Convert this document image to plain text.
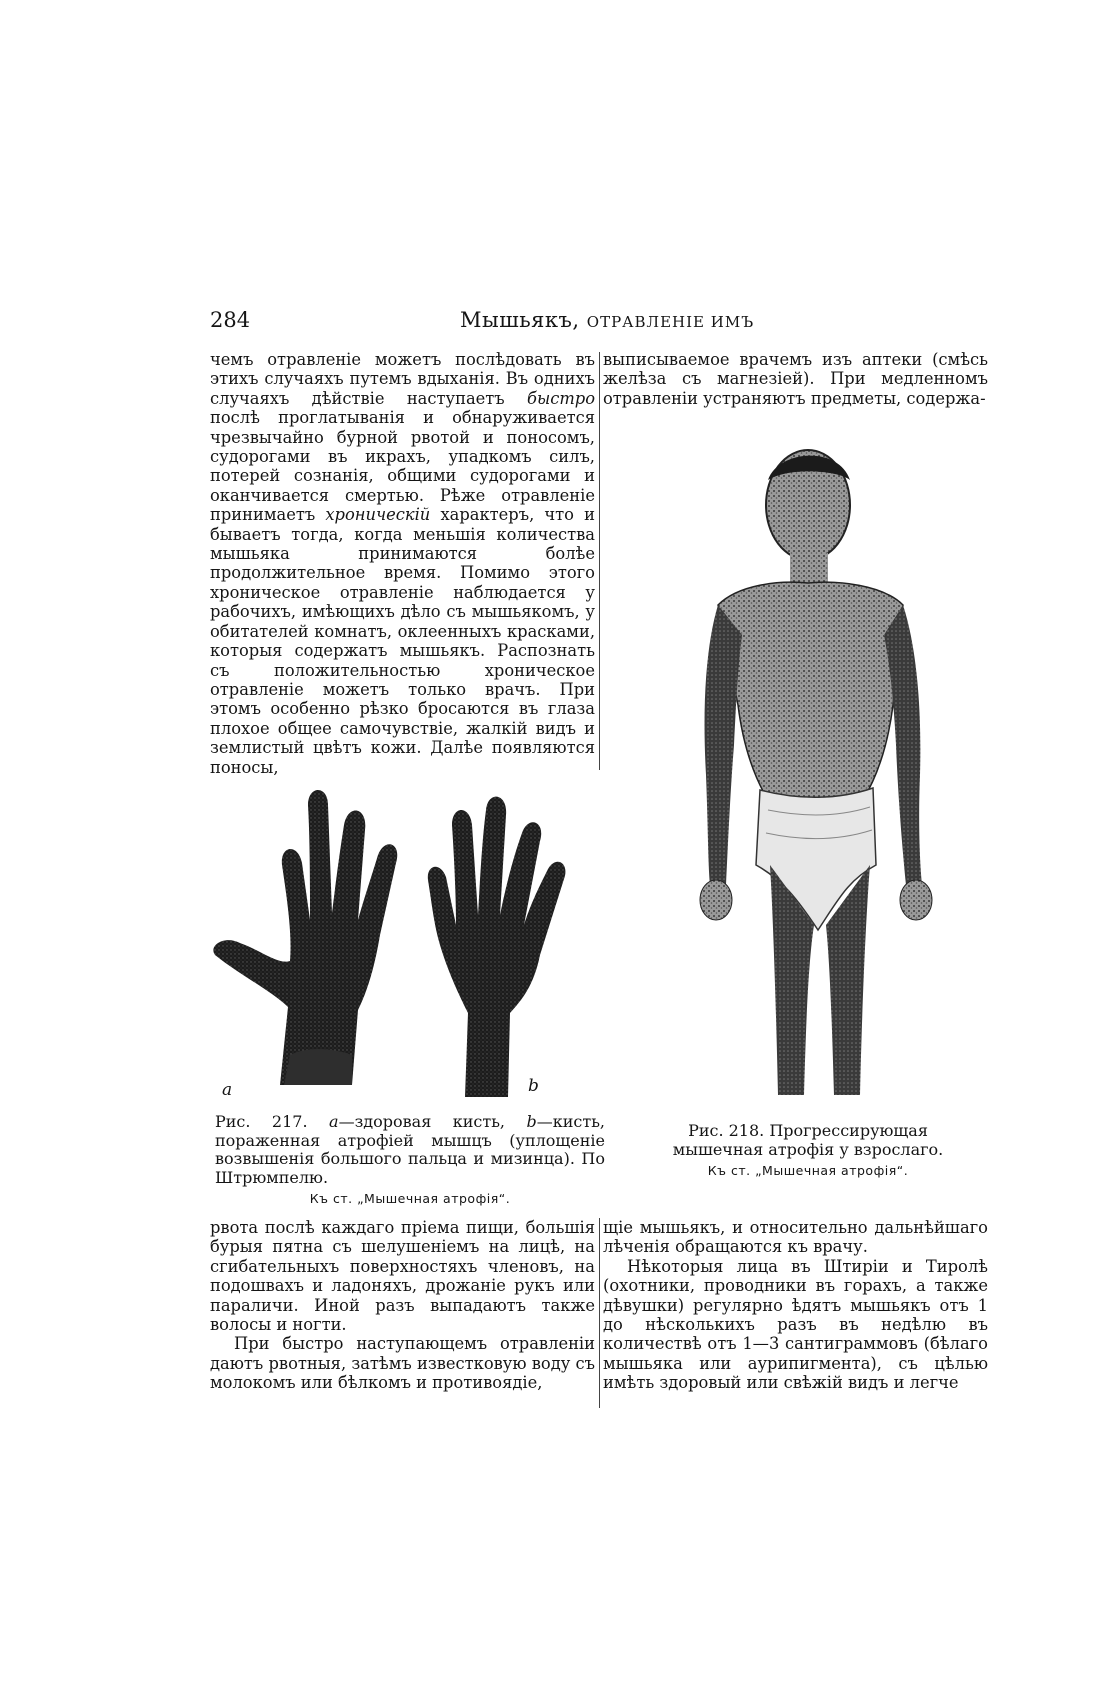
284	Мышьякъ, ОТРАВЛЕНІЕ ИМЪ

чемъ отравленіе можетъ послѣдовать въ этихъ случаяхъ путемъ вдыханія. Въ однихъ случаяхъ дѣйствіе наступаетъ быстро послѣ проглатыванія и обнаруживается чрезвычайно бурной рвотой и поносомъ, судорогами въ икрахъ, упадкомъ силъ, потерей сознанія, общими судорогами и оканчивается смертью. Рѣже отравленіе принимаетъ хроническій характеръ, что и бываетъ тогда, когда меньшія количества мышьяка принимаются болѣе продолжительное время. Помимо этого хроническое отравленіе наблюдается у рабочихъ, имѣющихъ дѣло съ мышьякомъ, у обитателей комнатъ, оклеенныхъ красками, которыя содержатъ мышьякъ. Распознать съ положительностью хроническое отравленіе можетъ только врачъ. При этомъ особенно рѣзко бросаются въ глаза плохое общее самочувствіе, жалкій видъ и землистый цвѣтъ кожи. Далѣе появляются поносы,

выписываемое врачемъ изъ аптеки (смѣсь желѣза съ магнезіей). При медленномъ отравленіи устраняютъ предметы, содержа-

a	b
Рис. 217. a—здоровая кисть, b—кисть, пораженная атрофіей мышцъ (уплощеніе возвышенія большого пальца и мизинца). По Штрюмпелю.
Къ ст. „Мышечная атрофія“.
Рис. 218. Прогрессирующая мышечная атрофія у взрослаго.
Къ ст. „Мышечная атрофія“.

рвота послѣ каждаго пріема пищи, большія бурыя пятна съ шелушеніемъ на лицѣ, на сгибательныхъ поверхностяхъ членовъ, на подошвахъ и ладоняхъ, дрожаніе рукъ или параличи. Иной разъ выпадаютъ также волосы и ногти.

При быстро наступающемъ отравленіи даютъ рвотныя, затѣмъ известковую воду съ молокомъ или бѣлкомъ и противоядіе,

щіе мышьякъ, и относительно дальнѣйшаго лѣченія обращаются къ врачу.

Нѣкоторыя лица въ Штиріи и Тиролѣ (охотники, проводники въ горахъ, а также дѣвушки) регулярно ѣдятъ мышьякъ отъ 1 до нѣсколькихъ разъ въ недѣлю въ количествѣ отъ 1—3 сантиграммовъ (бѣлаго мышьяка или аурипигмента), съ цѣлью имѣть здоровый или свѣжій видъ и легче
